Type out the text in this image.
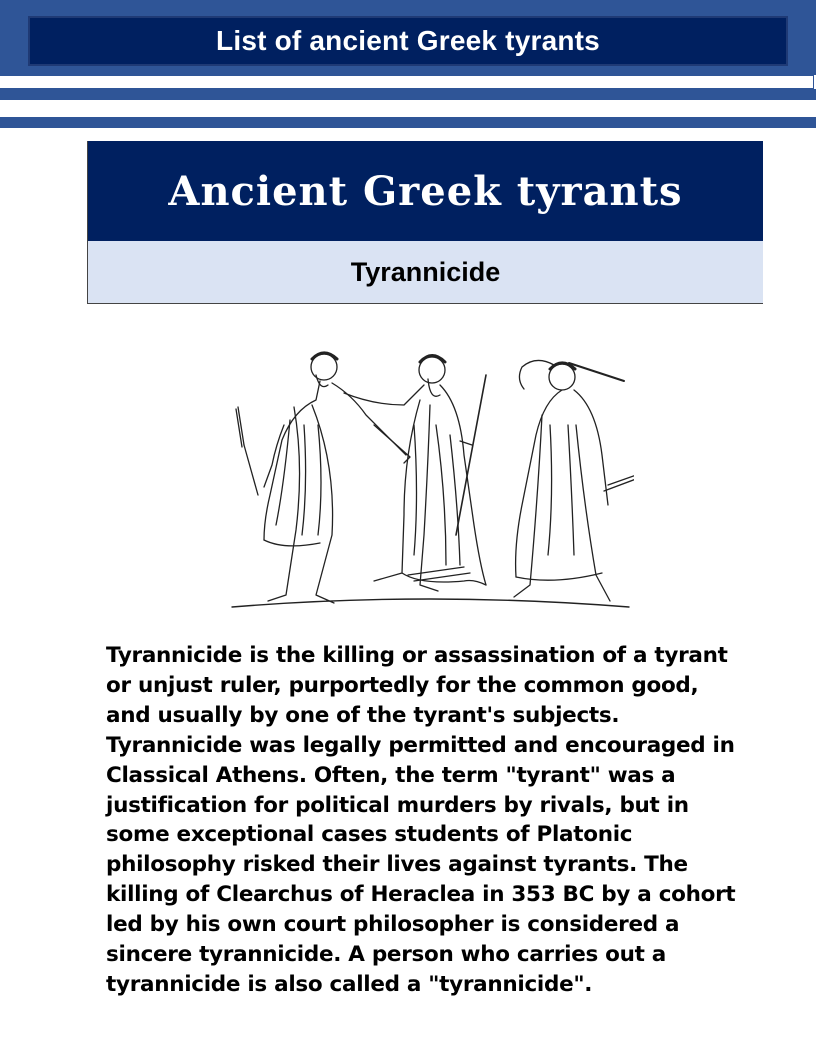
List of ancient Greek tyrants
Ancient Greek tyrants
Tyrannicide

Tyrannicide is the killing or assassination of a tyrant or unjust ruler, purportedly for the common good, and usually by one of the tyrant's subjects. Tyrannicide was legally permitted and encouraged in Classical Athens. Often, the term "tyrant" was a justification for political murders by rivals, but in some exceptional cases students of Platonic philosophy risked their lives against tyrants. The killing of Clearchus of Heraclea in 353 BC by a cohort led by his own court philosopher is considered a sincere tyrannicide. A person who carries out a tyrannicide is also called a "tyrannicide".
